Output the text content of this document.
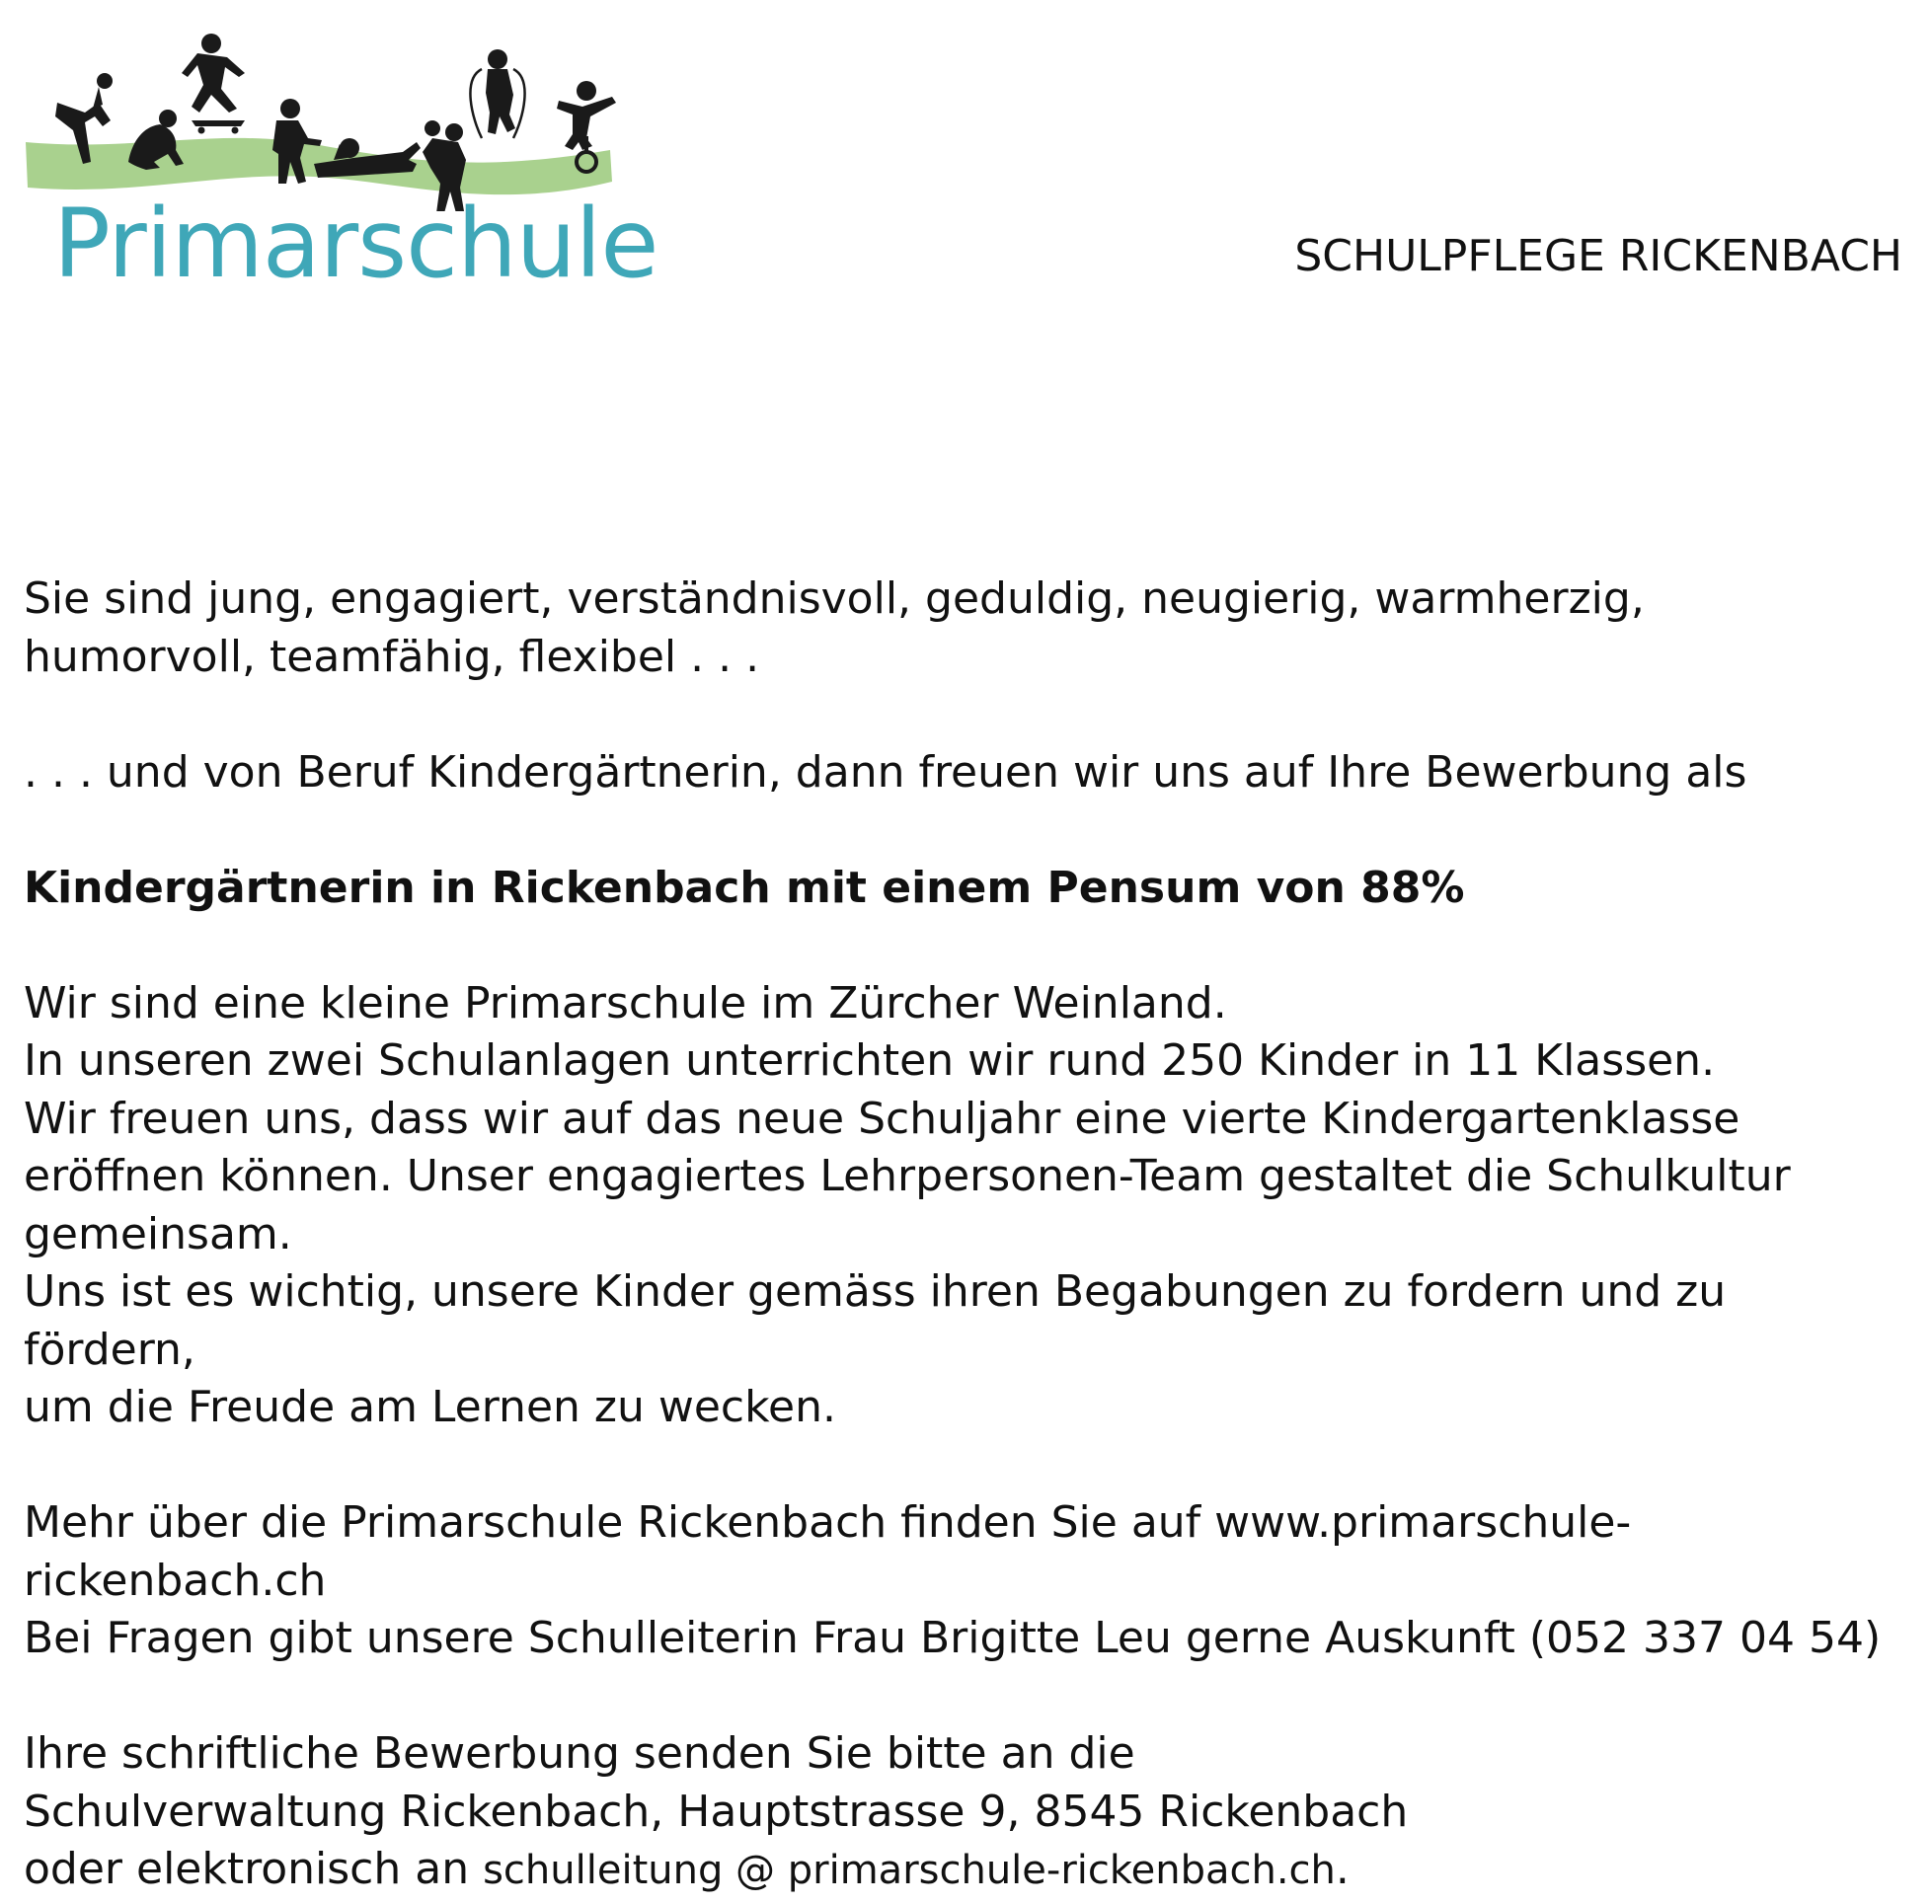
Primarschule	SCHULPFLEGE RICKENBACH

Sie sind jung, engagiert, verständnisvoll, geduldig, neugierig, warmherzig,

humorvoll, teamfähig, flexibel . . .

. . . und von Beruf Kindergärtnerin, dann freuen wir uns auf Ihre Bewerbung als

Kindergärtnerin in Rickenbach mit einem Pensum von 88%

Wir sind eine kleine Primarschule im Zürcher Weinland.

In unseren zwei Schulanlagen unterrichten wir rund 250 Kinder in 11 Klassen.

Wir freuen uns, dass wir auf das neue Schuljahr eine vierte Kindergartenklasse

eröffnen können. Unser engagiertes Lehrpersonen-Team gestaltet die Schulkultur

gemeinsam.

Uns ist es wichtig, unsere Kinder gemäss ihren Begabungen zu fordern und zu

fördern,

um die Freude am Lernen zu wecken.

Mehr über die Primarschule Rickenbach finden Sie auf www.primarschule-

rickenbach.ch

Bei Fragen gibt unsere Schulleiterin Frau Brigitte Leu gerne Auskunft (052 337 04 54)

Ihre schriftliche Bewerbung senden Sie bitte an die

Schulverwaltung Rickenbach, Hauptstrasse 9, 8545 Rickenbach

oder elektronisch an schulleitung @ primarschule-rickenbach.ch.
